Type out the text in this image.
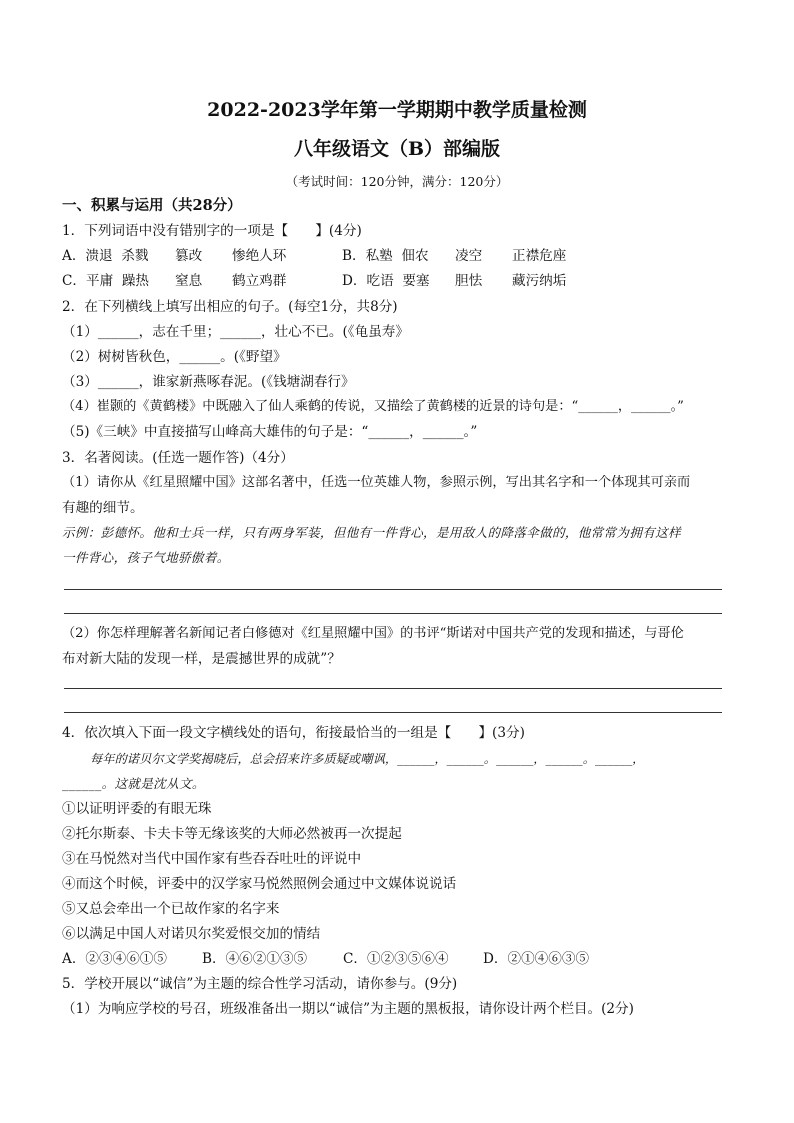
2022-2023学年第一学期期中教学质量检测
八年级语文（B）部编版
（考试时间：120分钟，满分：120分）
一、积累与运用（共28分）
1．下列词语中没有错别字的一项是【　　】(4分)
A．溃退  杀戮 篡改 惨绝人环	B．私塾  佃农 凌空 正襟危座
C．平庸  躁热 窒息 鹤立鸡群	D．吃语  要塞 胆怯 藏污纳垢
2．在下列横线上填写出相应的句子。(每空1分，共8分)
（1）______，志在千里；______，壮心不已。(《龟虽寿》
（2）树树皆秋色，______。(《野望》
（3）______，谁家新燕啄春泥。(《钱塘湖春行》
（4）崔颢的《黄鹤楼》中既融入了仙人乘鹤的传说，又描绘了黄鹤楼的近景的诗句是：“______，______。”
（5)《三峡》中直接描写山峰高大雄伟的句子是：“______，______。”
3．名著阅读。(任选一题作答)（4分）
（1）请你从《红星照耀中国》这部名著中，任选一位英雄人物，参照示例，写出其名字和一个体现其可亲而
有趣的细节。
示例：彭德怀。他和士兵一样，只有两身军装，但他有一件背心，是用敌人的降落伞做的，他常常为拥有这样
一件背心，孩子气地骄傲着。
（2）你怎样理解著名新闻记者白修德对《红星照耀中国》的书评“斯诺对中国共产党的发现和描述，与哥伦
布对新大陆的发现一样，是震撼世界的成就”？
4．依次填入下面一段文字横线处的语句，衔接最恰当的一组是【　　】(3分)
每年的诺贝尔文学奖揭晓后，总会招来许多质疑或嘲讽，______，______。______，______。______，
______。这就是沈从文。
①以证明评委的有眼无珠
②托尔斯泰、卡夫卡等无缘该奖的大师必然被再一次提起
③在马悦然对当代中国作家有些吞吞吐吐的评说中
④而这个时候，评委中的汉学家马悦然照例会通过中文媒体说说话
⑤又总会牵出一个已故作家的名字来
⑥以满足中国人对诺贝尔奖爱恨交加的情结
A．②③④⑥①⑤	B．④⑥②①③⑤	C．①②③⑤⑥④	D．②①④⑥③⑤
5．学校开展以“诚信”为主题的综合性学习活动，请你参与。(9分)
（1）为响应学校的号召，班级准备出一期以“诚信”为主题的黑板报，请你设计两个栏目。(2分)
